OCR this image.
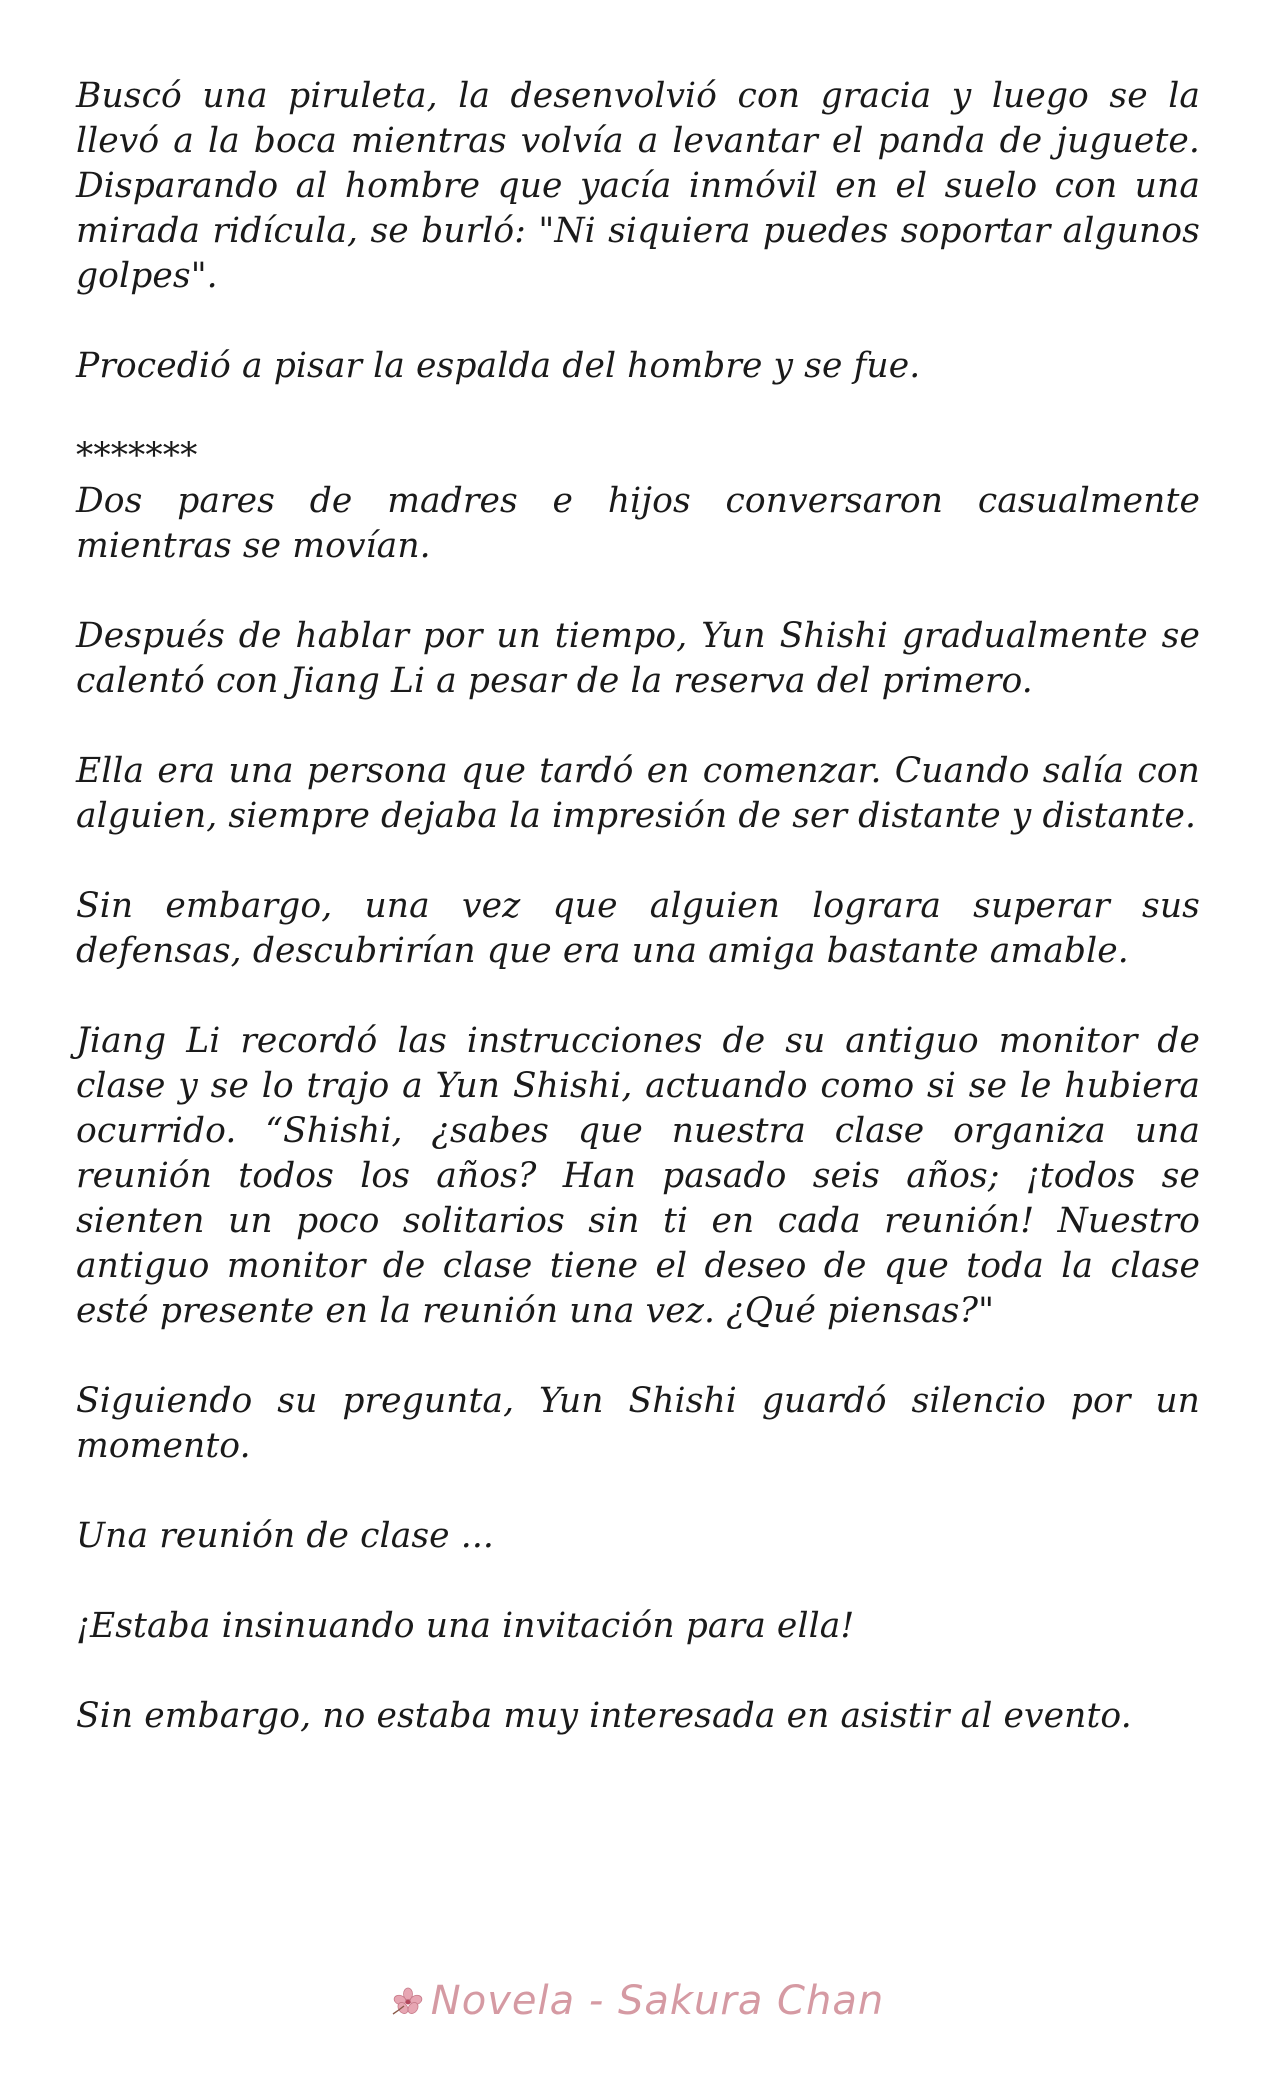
Buscó una piruleta, la desenvolvió con gracia y luego se la llevó a la boca mientras volvía a levantar el panda de juguete. Disparando al hombre que yacía inmóvil en el suelo con una mirada ridícula, se burló: "Ni siquiera puedes soportar algunos golpes".

Procedió a pisar la espalda del hombre y se fue.

*******

Dos pares de madres e hijos conversaron casualmente mientras se movían.

Después de hablar por un tiempo, Yun Shishi gradualmente se calentó con Jiang Li a pesar de la reserva del primero.

Ella era una persona que tardó en comenzar. Cuando salía con alguien, siempre dejaba la impresión de ser distante y distante.

Sin embargo, una vez que alguien lograra superar sus defensas, descubrirían que era una amiga bastante amable.

Jiang Li recordó las instrucciones de su antiguo monitor de clase y se lo trajo a Yun Shishi, actuando como si se le hubiera ocurrido. “Shishi, ¿sabes que nuestra clase organiza una reunión todos los años? Han pasado seis años; ¡todos se sienten un poco solitarios sin ti en cada reunión! Nuestro antiguo monitor de clase tiene el deseo de que toda la clase esté presente en la reunión una vez. ¿Qué piensas?"

Siguiendo su pregunta, Yun Shishi guardó silencio por un momento.

Una reunión de clase ...

¡Estaba insinuando una invitación para ella!

Sin embargo, no estaba muy interesada en asistir al evento.

Novela - Sakura Chan
